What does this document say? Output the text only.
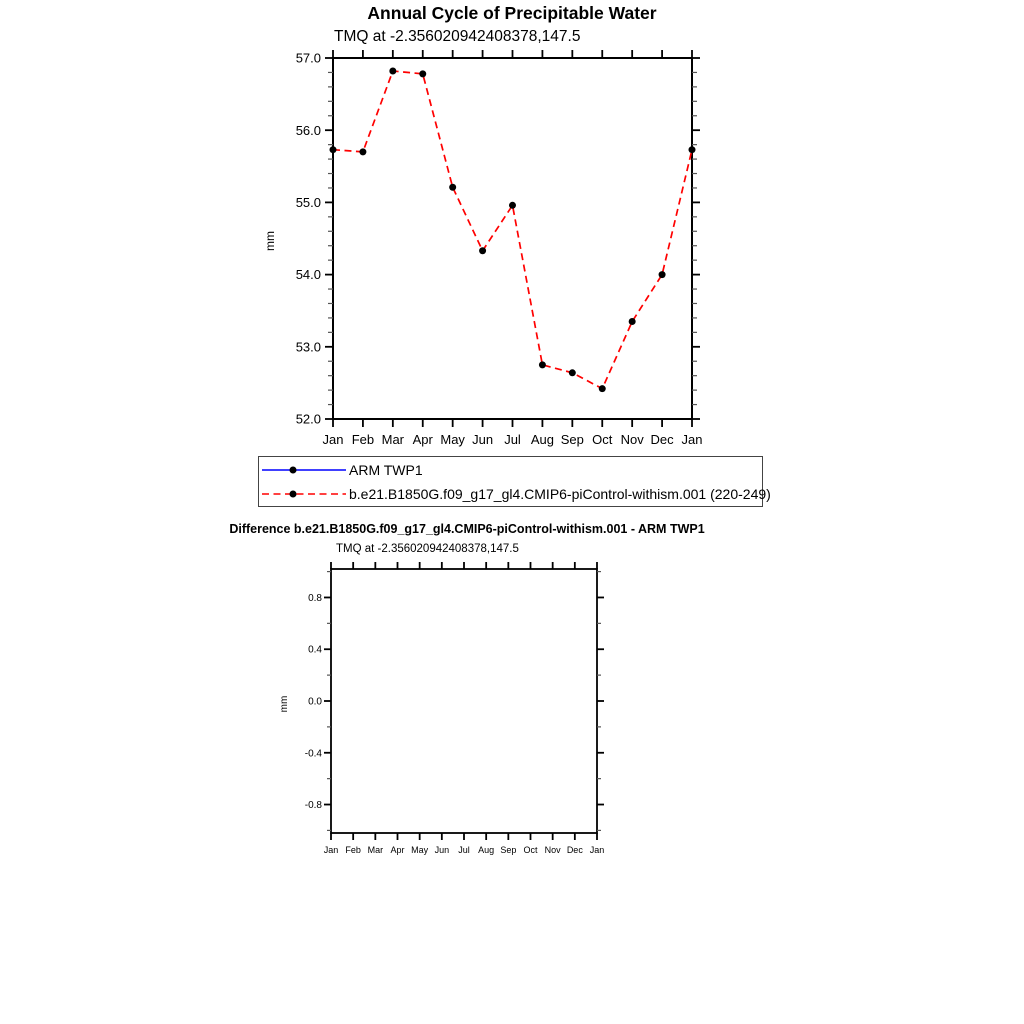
Annual Cycle of Precipitable Water
TMQ at -2.356020942408378,147.5
52.0
53.0
54.0
55.0
56.0
57.0
Jan Feb Mar Apr May Jun Jul Aug Sep Oct Nov Dec Jan
mm
ARM TWP1
b.e21.B1850G.f09_g17_gl4.CMIP6-piControl-withism.001 (220-249)
Difference b.e21.B1850G.f09_g17_gl4.CMIP6-piControl-withism.001 - ARM TWP1
TMQ at -2.356020942408378,147.5
-0.8
-0.4
0.0
0.4
0.8
Jan Feb Mar Apr May Jun Jul Aug Sep Oct Nov Dec Jan
mm
